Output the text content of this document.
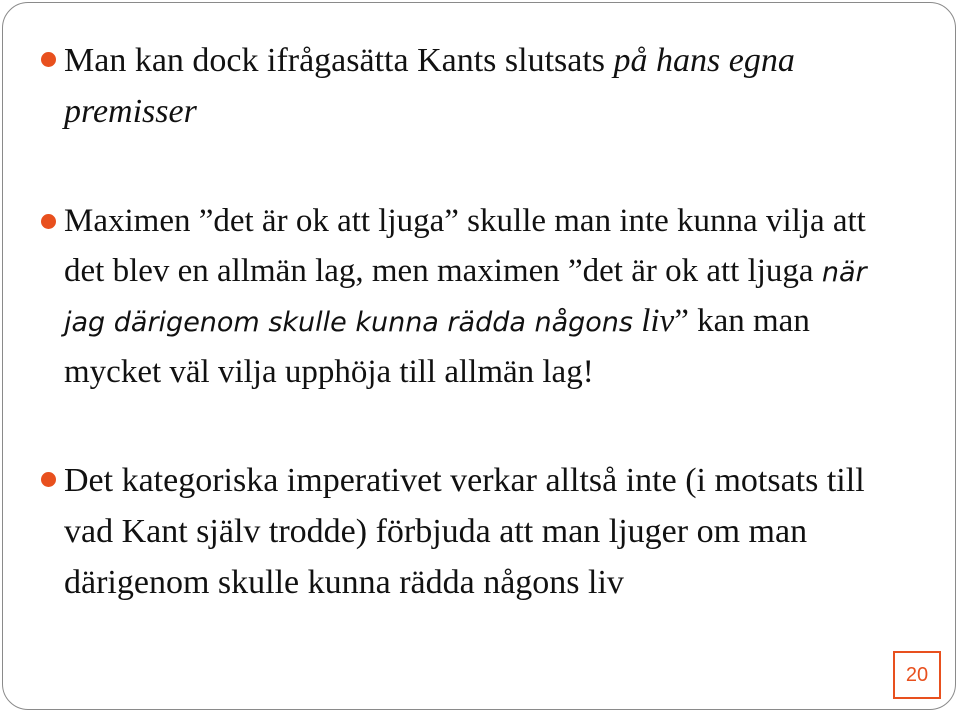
Man kan dock ifrågasätta Kants slutsats på hans egna premisser
Maximen ”det är ok att ljuga” skulle man inte kunna vilja att det blev en allmän lag, men maximen ”det är ok att ljuga när jag därigenom skulle kunna rädda någons liv” kan man mycket väl vilja upphöja till allmän lag!
Det kategoriska imperativet verkar alltså inte (i motsats till vad Kant själv trodde) förbjuda att man ljuger om man därigenom skulle kunna rädda någons liv
20
